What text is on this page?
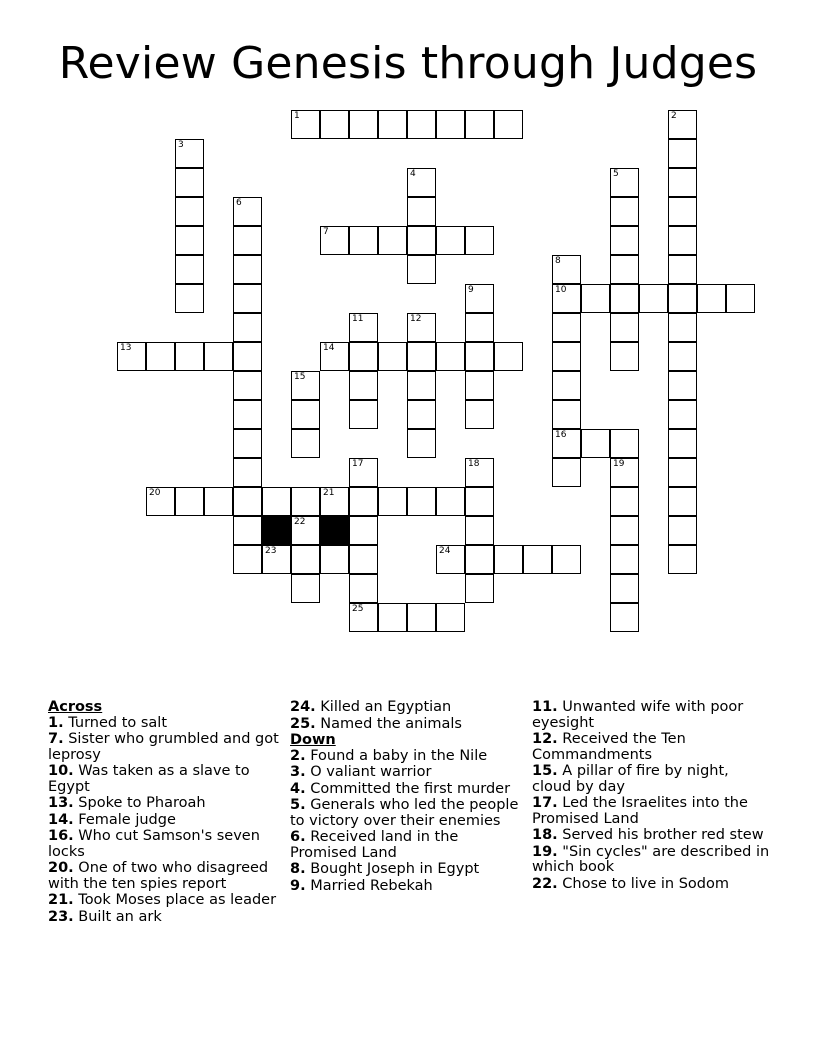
Review Genesis through Judges
1
7
10
13	14
16
20	21
23	24
25
2
3
4	5
6
8
9
11	12
15
17	18	19
22
Across
1. Turned to salt
7. Sister who grumbled and got leprosy
10. Was taken as a slave to Egypt
13. Spoke to Pharoah
14. Female judge
16. Who cut Samson's seven locks
20. One of two who disagreed with the ten spies report
21. Took Moses place as leader
23. Built an ark
24. Killed an Egyptian
25. Named the animals
Down
2. Found a baby in the Nile
3. O valiant warrior
4. Committed the first murder
5. Generals who led the people to victory over their enemies
6. Received land in the Promised Land
8. Bought Joseph in Egypt
9. Married Rebekah
11. Unwanted wife with poor eyesight
12. Received the Ten Commandments
15. A pillar of fire by night, cloud by day
17. Led the Israelites into the Promised Land
18. Served his brother red stew
19. "Sin cycles" are described in which book
22. Chose to live in Sodom
